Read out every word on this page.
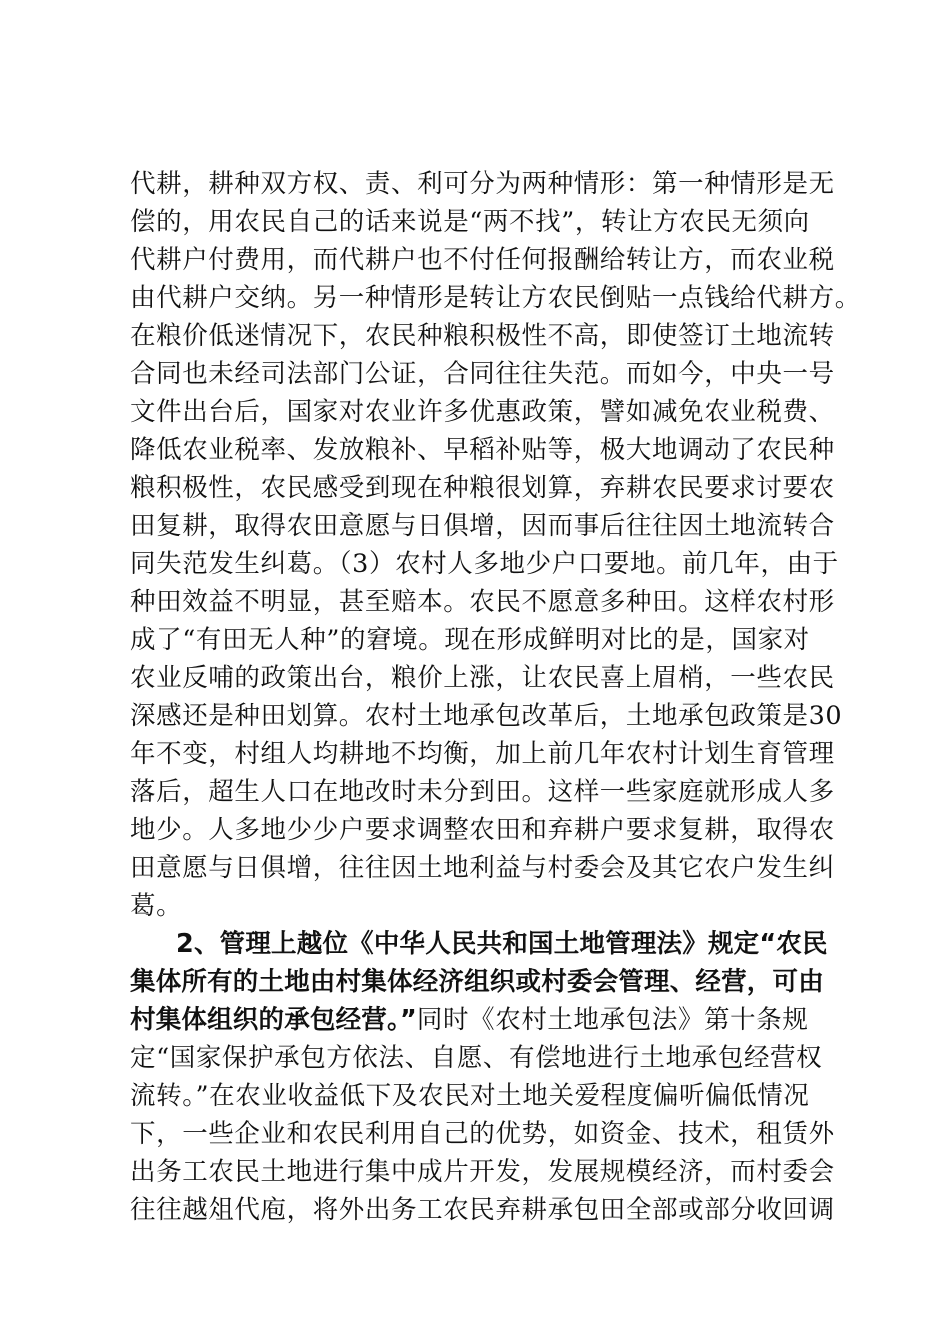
代耕，耕种双方权、责、利可分为两种情形：第一种情形是无
偿的，用农民自己的话来说是“两不找”，转让方农民无须向
代耕户付费用，而代耕户也不付任何报酬给转让方，而农业税
由代耕户交纳。另一种情形是转让方农民倒贴一点钱给代耕方。
在粮价低迷情况下，农民种粮积极性不高，即使签订土地流转
合同也未经司法部门公证，合同往往失范。而如今，中央一号
文件出台后，国家对农业许多优惠政策，譬如减免农业税费、
降低农业税率、发放粮补、早稻补贴等，极大地调动了农民种
粮积极性，农民感受到现在种粮很划算，弃耕农民要求讨要农
田复耕，取得农田意愿与日俱增，因而事后往往因土地流转合
同失范发生纠葛。（3）农村人多地少户口要地。前几年，由于
种田效益不明显，甚至赔本。农民不愿意多种田。这样农村形
成了“有田无人种”的窘境。现在形成鲜明对比的是，国家对
农业反哺的政策出台，粮价上涨，让农民喜上眉梢，一些农民
深感还是种田划算。农村土地承包改革后，土地承包政策是30
年不变，村组人均耕地不均衡，加上前几年农村计划生育管理
落后，超生人口在地改时未分到田。这样一些家庭就形成人多
地少。人多地少少户要求调整农田和弃耕户要求复耕，取得农
田意愿与日俱增，往往因土地利益与村委会及其它农户发生纠
葛。
2、管理上越位《中华人民共和国土地管理法》规定“农民
集体所有的土地由村集体经济组织或村委会管理、经营，可由
村集体组织的承包经营。”同时《农村土地承包法》第十条规
定“国家保护承包方依法、自愿、有偿地进行土地承包经营权
流转。”在农业收益低下及农民对土地关爱程度偏听偏低情况
下，一些企业和农民利用自己的优势，如资金、技术，租赁外
出务工农民土地进行集中成片开发，发展规模经济，而村委会
往往越俎代庖，将外出务工农民弃耕承包田全部或部分收回调
